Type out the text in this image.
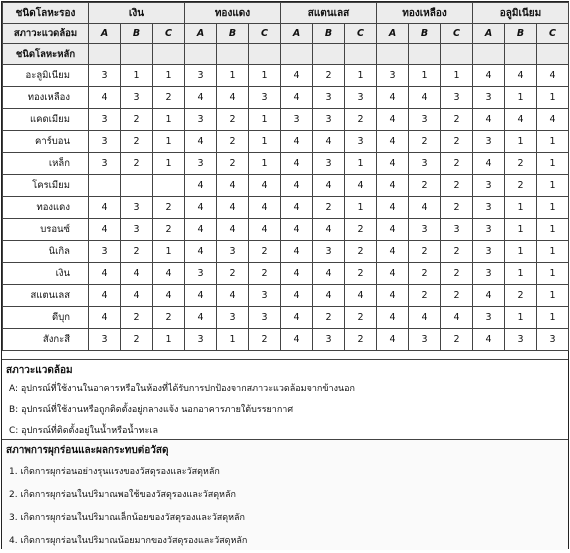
ชนิดโลหะรอง	เงิน			ทองแดง			สแตนเลส			ทองเหลือง			อลูมิเนียม		
สภาวะแวดล้อม	A	B	C	A	B	C	A	B	C	A	B	C	A	B	C
ชนิดโลหะหลัก															
อะลูมิเนียม	3	1	1	3	1	1	4	2	1	3	1	1	4	4	4
ทองเหลือง	4	3	2	4	4	3	4	3	3	4	4	3	3	1	1
แคดเมียม	3	2	1	3	2	1	3	3	2	4	3	2	4	4	4
คาร์บอน	3	2	1	4	2	1	4	4	3	4	2	2	3	1	1
เหล็ก	3	2	1	3	2	1	4	3	1	4	3	2	4	2	1
โครเมียม				4	4	4	4	4	4	4	2	2	3	2	1
ทองแดง	4	3	2	4	4	4	4	2	1	4	4	2	3	1	1
บรอนซ์	4	3	2	4	4	4	4	4	2	4	3	3	3	1	1
นิเกิล	3	2	1	4	3	2	4	3	2	4	2	2	3	1	1
เงิน	4	4	4	3	2	2	4	4	2	4	2	2	3	1	1
สแตนเลส	4	4	4	4	4	3	4	4	4	4	2	2	4	2	1
ดีบุก	4	2	2	4	3	3	4	2	2	4	4	4	3	1	1
สังกะสี	3	2	1	3	1	2	4	3	2	4	3	2	4	3	3
สภาวะแวดล้อม
A: อุปกรณ์ที่ใช้งานในอาคารหรือในห้องที่ได้รับการปกป้องจากสภาวะแวดล้อมจากข้างนอก
B: อุปกรณ์ที่ใช้งานหรือถูกติดตั้งอยู่กลางแจ้ง นอกอาคารภายใต้บรรยากาศ
C: อุปกรณ์ที่ติดตั้งอยู่ในน้ำหรือน้ำทะเล
สภาพการผุกร่อนและผลกระทบต่อวัสดุ
1. เกิดการผุกร่อนอย่างรุนแรงของวัสดุรองและวัสดุหลัก
2. เกิดการผุกร่อนในปริมาณพอใช้ของวัสดุรองและวัสดุหลัก
3. เกิดการผุกร่อนในปริมาณเล็กน้อยของวัสดุรองและวัสดุหลัก
4. เกิดการผุกร่อนในปริมาณน้อยมากของวัสดุรองและวัสดุหลัก
